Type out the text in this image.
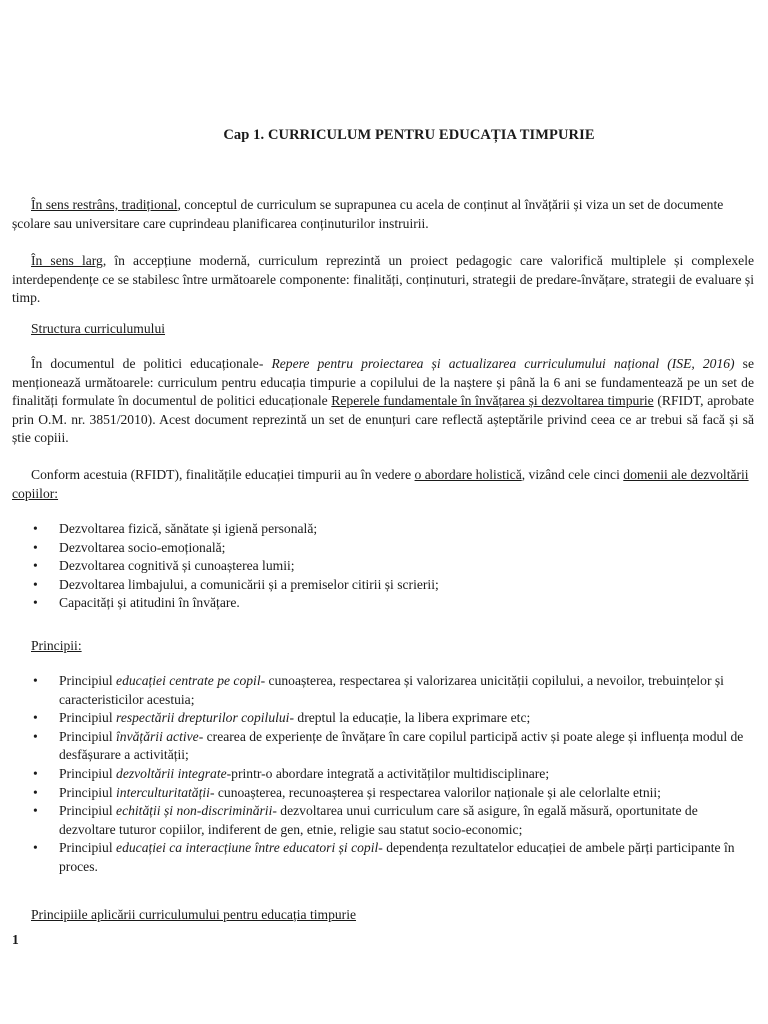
Cap 1. CURRICULUM PENTRU EDUCAȚIA TIMPURIE
În sens restrâns, tradițional, conceptul de curriculum se suprapunea cu acela de conținut al învățării și viza un set de documente școlare sau universitare care cuprindeau planificarea conținuturilor instruirii.
În sens larg, în accepțiune modernă, curriculum reprezintă un proiect pedagogic care valorifică multiplele și complexele interdependențe ce se stabilesc între următoarele componente: finalități, conținuturi, strategii de predare-învățare, strategii de evaluare și timp.
Structura curriculumului
În documentul de politici educaționale- Repere pentru proiectarea și actualizarea curriculumului național (ISE, 2016) se menționează următoarele: curriculum pentru educația timpurie a copilului de la naștere și până la 6 ani se fundamentează pe un set de finalități formulate în documentul de politici educaționale Reperele fundamentale în învățarea și dezvoltarea timpurie (RFIDT, aprobate prin O.M. nr. 3851/2010). Acest document reprezintă un set de enunțuri care reflectă așteptările privind ceea ce ar trebui să facă și să știe copiii.
Conform acestuia (RFIDT), finalitățile educației timpurii au în vedere o abordare holistică, vizând cele cinci domenii ale dezvoltării copiilor:
• Dezvoltarea fizică, sănătate și igienă personală;
• Dezvoltarea socio-emoțională;
• Dezvoltarea cognitivă și cunoașterea lumii;
• Dezvoltarea limbajului, a comunicării și a premiselor citirii și scrierii;
• Capacități și atitudini în învățare.
Principii:
• Principiul educației centrate pe copil- cunoașterea, respectarea și valorizarea unicității copilului, a nevoilor, trebuințelor și caracteristicilor acestuia;
• Principiul respectării drepturilor copilului- dreptul la educație, la libera exprimare etc;
• Principiul învățării active- crearea de experiențe de învățare în care copilul participă activ și poate alege și influența modul de desfășurare a activității;
• Principiul dezvoltării integrate-printr-o abordare integrată a activităților multidisciplinare;
• Principiul interculturitatății- cunoașterea, recunoașterea și respectarea valorilor naționale și ale celorlalte etnii;
• Principiul echității și non-discriminării- dezvoltarea unui curriculum care să asigure, în egală măsură, oportunitate de dezvoltare tuturor copiilor, indiferent de gen, etnie, religie sau statut socio-economic;
• Principiul educației ca interacțiune între educatori și copil- dependența rezultatelor educației de ambele părți participante în proces.
Principiile aplicării curriculumului pentru educația timpurie
1
